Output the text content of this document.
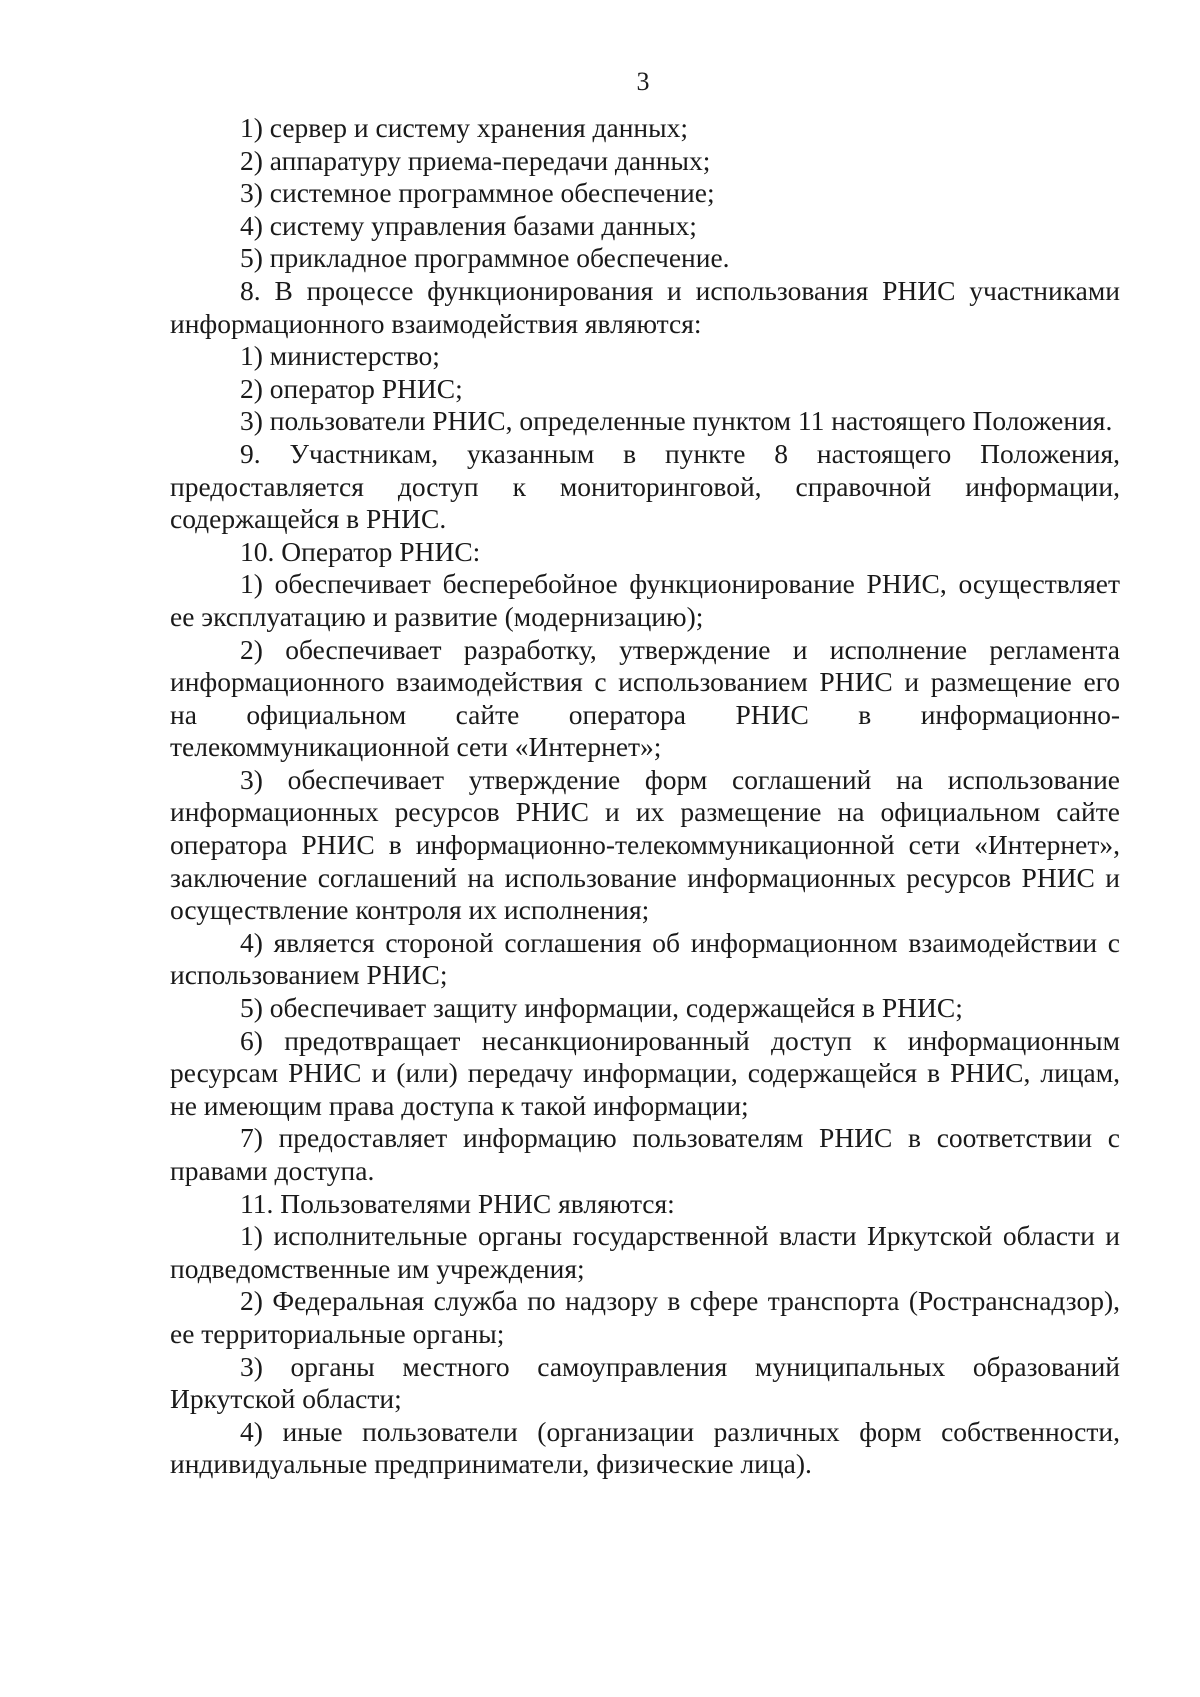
3

1) сервер и систему хранения данных;

2) аппаратуру приема-передачи данных;

3) системное программное обеспечение;

4) систему управления базами данных;

5) прикладное программное обеспечение.

8. В процессе функционирования и использования РНИС участниками информационного взаимодействия являются:

1) министерство;

2) оператор РНИС;

3) пользователи РНИС, определенные пунктом 11 настоящего Положения.

9. Участникам, указанным в пункте 8 настоящего Положения, предоставляется доступ к мониторинговой, справочной информации, содержащейся в РНИС.

10. Оператор РНИС:

1) обеспечивает бесперебойное функционирование РНИС, осуществляет ее эксплуатацию и развитие (модернизацию);

2) обеспечивает разработку, утверждение и исполнение регламента информационного взаимодействия с использованием РНИС и размещение его на официальном сайте оператора РНИС в информационно-телекоммуникационной сети «Интернет»;

3) обеспечивает утверждение форм соглашений на использование информационных ресурсов РНИС и их размещение на официальном сайте оператора РНИС в информационно-телекоммуникационной сети «Интернет», заключение соглашений на использование информационных ресурсов РНИС и осуществление контроля их исполнения;

4) является стороной соглашения об информационном взаимодействии с использованием РНИС;

5) обеспечивает защиту информации, содержащейся в РНИС;

6) предотвращает несанкционированный доступ к информационным ресурсам РНИС и (или) передачу информации, содержащейся в РНИС, лицам, не имеющим права доступа к такой информации;

7) предоставляет информацию пользователям РНИС в соответствии с правами доступа.

11. Пользователями РНИС являются:

1) исполнительные органы государственной власти Иркутской области и подведомственные им учреждения;

2) Федеральная служба по надзору в сфере транспорта (Ространснадзор), ее территориальные органы;

3) органы местного самоуправления муниципальных образований Иркутской области;

4) иные пользователи (организации различных форм собственности, индивидуальные предприниматели, физические лица).
